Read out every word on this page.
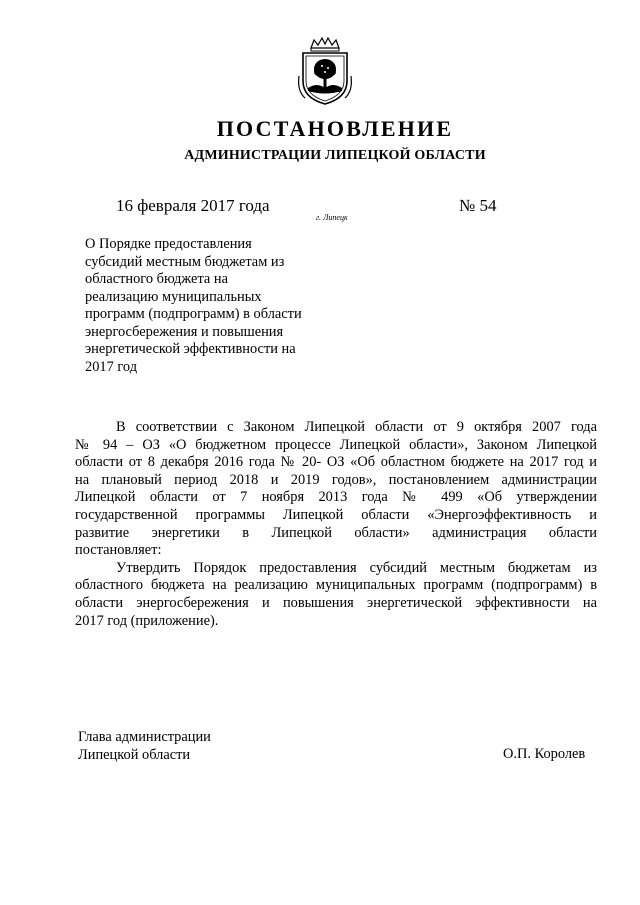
ПОСТАНОВЛЕНИЕ
АДМИНИСТРАЦИИ ЛИПЕЦКОЙ ОБЛАСТИ
16 февраля 2017 года
г. Липецк
№ 54
О Порядке предоставления
субсидий местным бюджетам из
областного бюджета на
реализацию муниципальных
программ (подпрограмм) в области
энергосбережения и повышения
энергетической эффективности на
2017 год
В соответствии с Законом Липецкой области от 9 октября 2007 года
№ 94 – ОЗ «О бюджетном процессе Липецкой области», Законом Липецкой
области от 8 декабря 2016 года № 20- ОЗ «Об областном бюджете на 2017 год и
на плановый период 2018 и 2019 годов», постановлением администрации
Липецкой области от 7 ноября 2013 года № 499 «Об утверждении
государственной программы Липецкой области «Энергоэффективность и
развитие энергетики в Липецкой области» администрация области
постановляет:
Утвердить Порядок предоставления субсидий местным бюджетам из
областного бюджета на реализацию муниципальных программ (подпрограмм) в
области энергосбережения и повышения энергетической эффективности на
2017 год (приложение).
Глава администрации
Липецкой области	О.П. Королев
